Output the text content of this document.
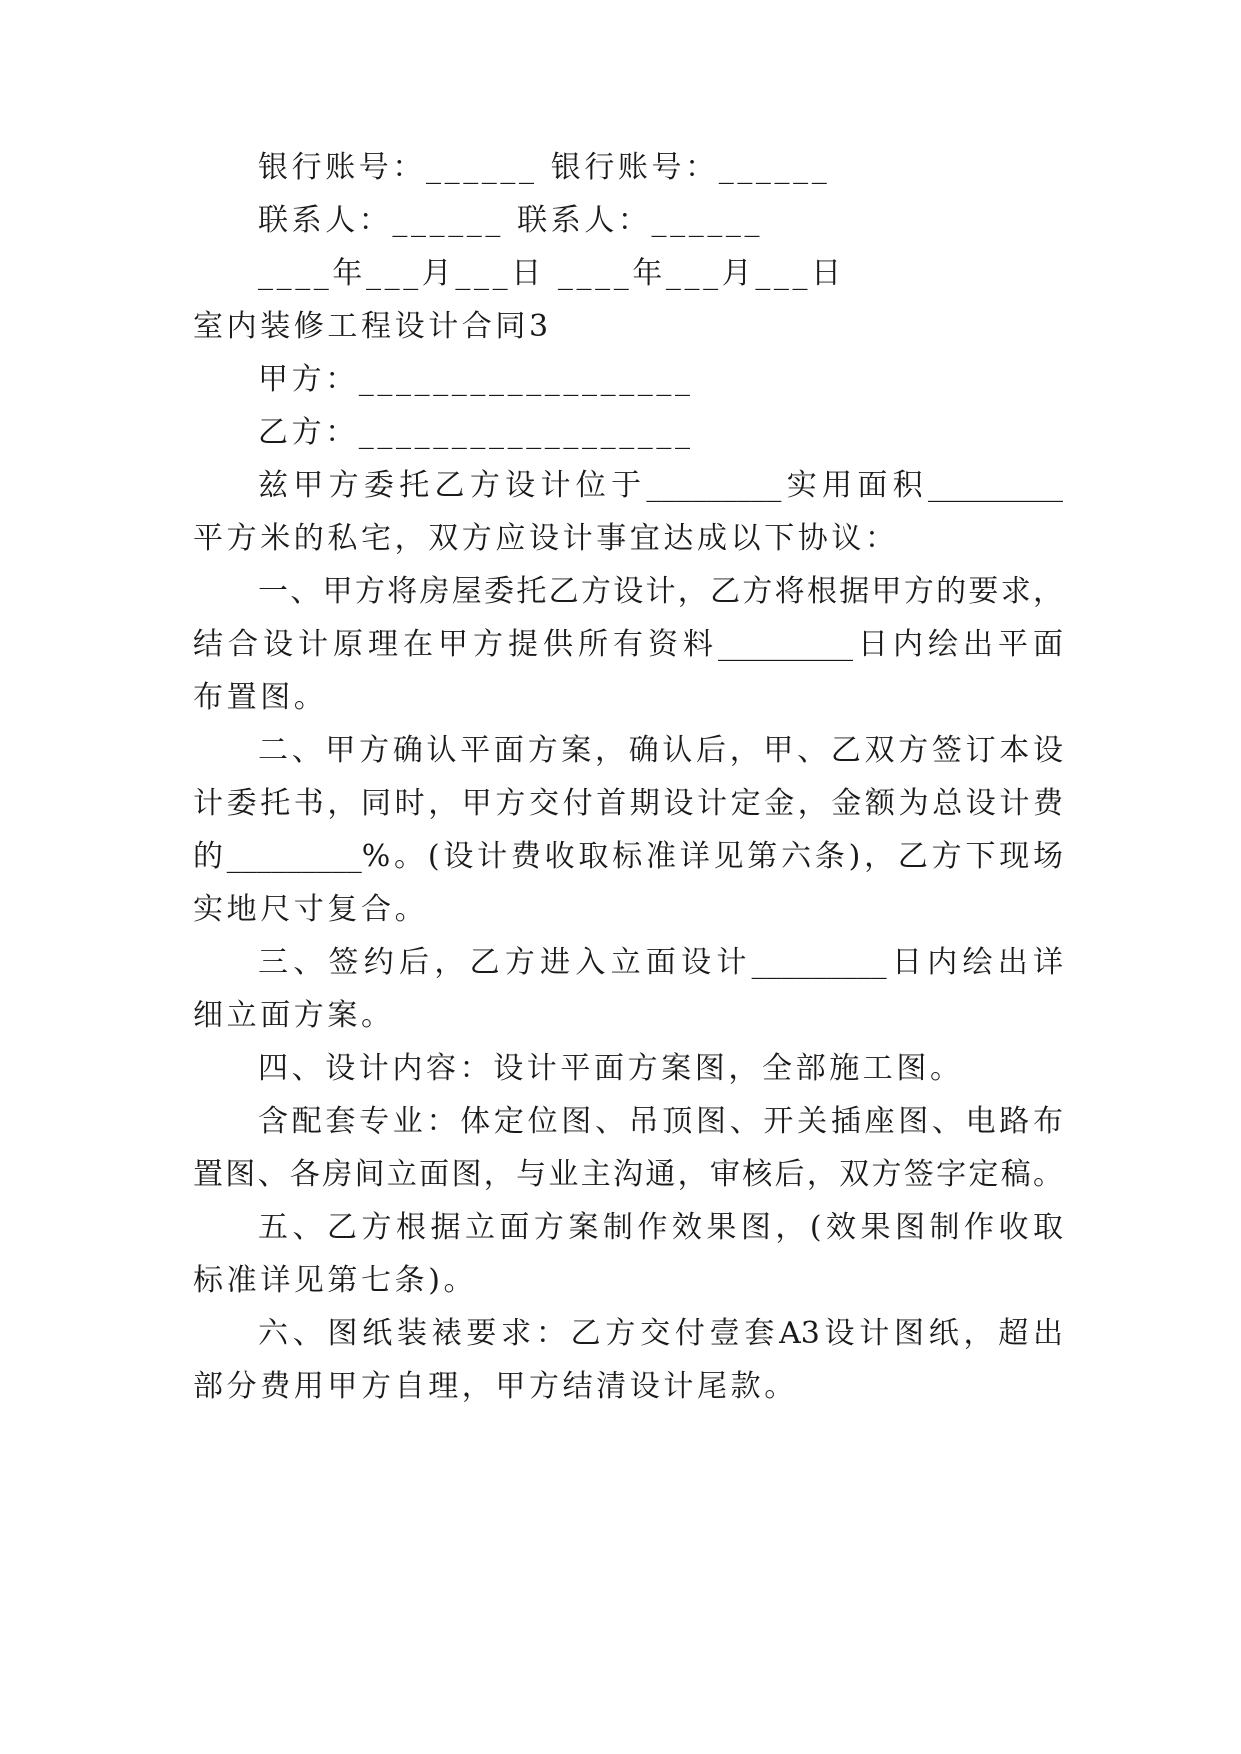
银行账号：______ 银行账号：______
联系人：______ 联系人：______
____年___月___日 ____年___月___日
室内装修工程设计合同3
甲方：__________________
乙方：__________________
兹甲方委托乙方设计位于_________实用面积_________
平方米的私宅，双方应设计事宜达成以下协议：
一、甲方将房屋委托乙方设计，乙方将根据甲方的要求，
结合设计原理在甲方提供所有资料_________日内绘出平面
布置图。
二、甲方确认平面方案，确认后，甲、乙双方签订本设
计委托书，同时，甲方交付首期设计定金，金额为总设计费
的_________%。(设计费收取标准详见第六条)，乙方下现场
实地尺寸复合。
三、签约后，乙方进入立面设计_________日内绘出详
细立面方案。
四、设计内容：设计平面方案图，全部施工图。
含配套专业：体定位图、吊顶图、开关插座图、电路布
置图、各房间立面图，与业主沟通，审核后，双方签字定稿。
五、乙方根据立面方案制作效果图，(效果图制作收取
标准详见第七条)。
六、图纸装裱要求：乙方交付壹套A3设计图纸，超出
部分费用甲方自理，甲方结清设计尾款。
